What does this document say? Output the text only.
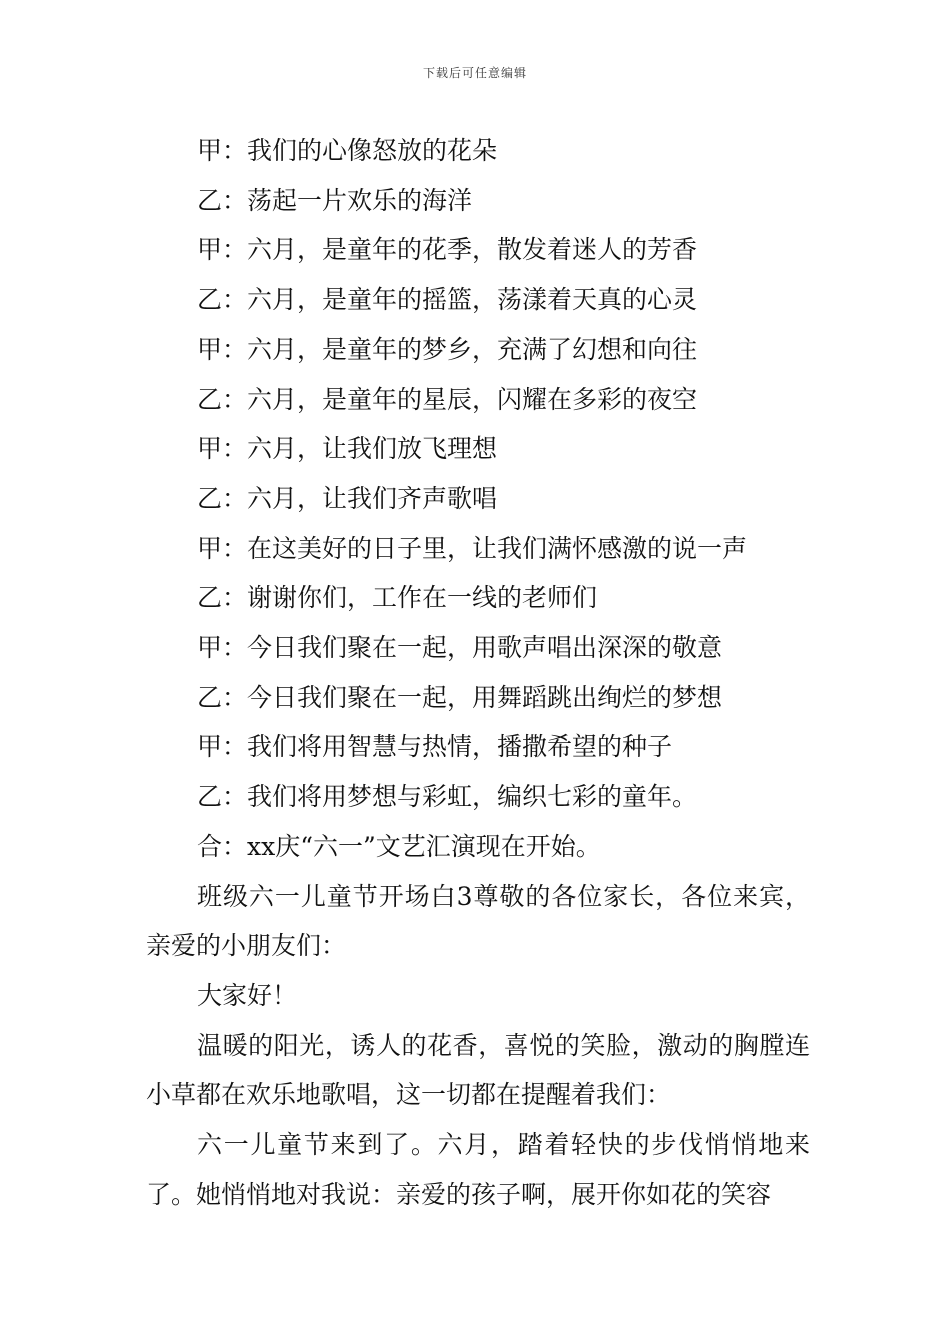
下载后可任意编辑

甲：我们的心像怒放的花朵

乙：荡起一片欢乐的海洋

甲：六月，是童年的花季，散发着迷人的芳香

乙：六月，是童年的摇篮，荡漾着天真的心灵

甲：六月，是童年的梦乡，充满了幻想和向往

乙：六月，是童年的星辰，闪耀在多彩的夜空

甲：六月，让我们放飞理想

乙：六月，让我们齐声歌唱

甲：在这美好的日子里，让我们满怀感激的说一声

乙：谢谢你们，工作在一线的老师们

甲：今日我们聚在一起，用歌声唱出深深的敬意

乙：今日我们聚在一起，用舞蹈跳出绚烂的梦想

甲：我们将用智慧与热情，播撒希望的种子

乙：我们将用梦想与彩虹，编织七彩的童年。

合：xx庆“六一”文艺汇演现在开始。

班级六一儿童节开场白3尊敬的各位家长，各位来宾，亲爱的小朋友们：

大家好！

温暖的阳光，诱人的花香，喜悦的笑脸，激动的胸膛连小草都在欢乐地歌唱，这一切都在提醒着我们：

六一儿童节来到了。六月，踏着轻快的步伐悄悄地来了。她悄悄地对我说：亲爱的孩子啊，展开你如花的笑容
